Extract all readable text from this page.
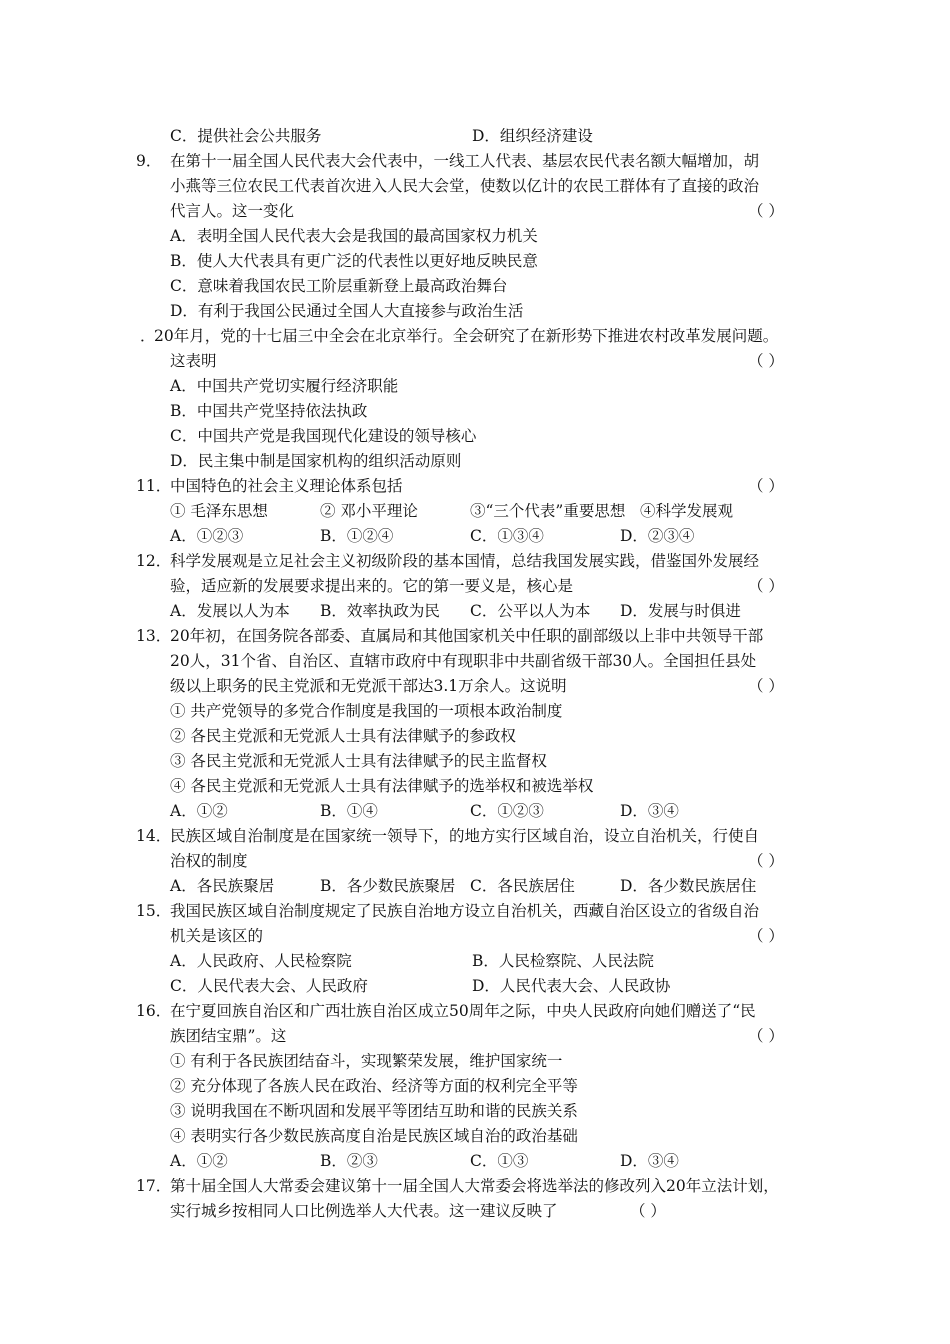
C．提供社会公共服务	D．组织经济建设
9． 在第十一届全国人民代表大会代表中，一线工人代表、基层农民代表名额大幅增加，胡
小燕等三位农民工代表首次进入人民大会堂，使数以亿计的农民工群体有了直接的政治
代言人。这一变化	（ ）
A．表明全国人民代表大会是我国的最高国家权力机关
B．使人大代表具有更广泛的代表性以更好地反映民意
C．意味着我国农民工阶层重新登上最高政治舞台
D．有利于我国公民通过全国人大直接参与政治生活
．
20年月，党的十七届三中全会在北京举行。全会研究了在新形势下推进农村改革发展问题。
这表明	（ ）
A．中国共产党切实履行经济职能
B．中国共产党坚持依法执政
C．中国共产党是我国现代化建设的领导核心
D．民主集中制是国家机构的组织活动原则
11．
中国特色的社会主义理论体系包括	（ ）
① 毛泽东思想	② 邓小平理论	③“三个代表”重要思想 ④科学发展观
A．①②③	B．①②④	C．①③④	D．②③④
12．
科学发展观是立足社会主义初级阶段的基本国情，总结我国发展实践，借鉴国外发展经
验，适应新的发展要求提出来的。它的第一要义是，核心是	（ ）
A．发展以人为本 B．效率执政为民 C．公平以人为本 D．发展与时俱进
13．
20年初，在国务院各部委、直属局和其他国家机关中任职的副部级以上非中共领导干部
20人，31个省、自治区、直辖市政府中有现职非中共副省级干部30人。全国担任县处
级以上职务的民主党派和无党派干部达3.1万余人。这说明	（ ）
① 共产党领导的多党合作制度是我国的一项根本政治制度
② 各民主党派和无党派人士具有法律赋予的参政权
③ 各民主党派和无党派人士具有法律赋予的民主监督权
④ 各民主党派和无党派人士具有法律赋予的选举权和被选举权
A．①②	B．①④	C．①②③	D．③④
14．
民族区域自治制度是在国家统一领导下，的地方实行区域自治，设立自治机关，行使自
治权的制度	（ ）
A．各民族聚居	B．各少数民族聚居 C．各民族居住	D．各少数民族居住
15．
我国民族区域自治制度规定了民族自治地方设立自治机关，西藏自治区设立的省级自治
机关是该区的	（ ）
A．人民政府、人民检察院	B．人民检察院、人民法院
C．人民代表大会、人民政府	D．人民代表大会、人民政协
16．
在宁夏回族自治区和广西壮族自治区成立50周年之际，中央人民政府向她们赠送了“民
族团结宝鼎”。这	（ ）
① 有利于各民族团结奋斗，实现繁荣发展，维护国家统一
② 充分体现了各族人民在政治、经济等方面的权利完全平等
③ 说明我国在不断巩固和发展平等团结互助和谐的民族关系
④ 表明实行各少数民族高度自治是民族区域自治的政治基础
A．①②	B．②③	C．①③	D．③④
17．
第十届全国人大常委会建议第十一届全国人大常委会将选举法的修改列入20年立法计划，
实行城乡按相同人口比例选举人大代表。这一建议反映了	（ ）
